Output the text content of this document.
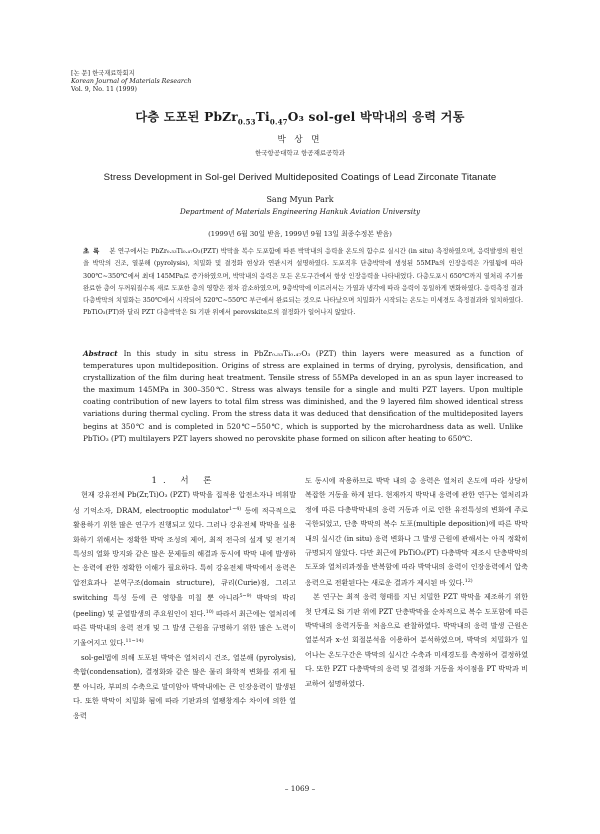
[논 문] 한국재료학회지
Korean Journal of Materials Research
Vol. 9, No. 11 (1999)
다층 도포된 $PbZr_{0.53}Ti_{0.47}O_3$ sol-gel 박막내의 응력 거동
박 상 면
한국항공대학교 항공재료공학과
Stress Development in Sol-gel Derived Multideposited Coatings of Lead Zirconate Titanate
Sang Myun Park
Department of Materials Engineering Hankuk Aviation University
(1999년 6월 30일 받음, 1999년 9월 13일 최종수정본 받음)

초록 본 연구에서는 PbZr₀.₅₃Ti₀.₄₇O₃(PZT) 박막을 복수 도포함에 따른 박막내의 응력을 온도의 함수로 실시간 (in situ) 측정하였으며, 응력발생의 원인을 박막의 건조, 열분해 (pyrolysis), 치밀화 및 결정화 현상과 연관시켜 설명하였다. 도포직후 단층박막에 생성된 55MPa의 인장응력은 가열됨에 따라 300℃~350℃에서 최대 145MPa로 증가하였으며, 박막내의 응력은 모든 온도구간에서 항상 인장응력을 나타내었다. 다층도포시 650℃까지 열처리 주기를 완료한 층이 두꺼워질수록 새로 도포한 층의 영향은 점차 감소하였으며, 9층박막에 이르러서는 가열과 냉각에 따라 응력이 동일하게 변화하였다. 응력측정 결과 다층박막의 치밀화는 350℃에서 시작되어 520℃~550℃ 부근에서 완료되는 것으로 나타났으며 치밀화가 시작되는 온도는 미세경도 측정결과와 일치하였다. PbTiO₃(PT)와 달리 PZT 다층박막은 Si 기판 위에서 perovskite로의 결정화가 일어나지 않았다.

Abstract In this study in situ stress in PbZr₀.₅₃Ti₀.₄₇O₃ (PZT) thin layers were measured as a function of temperatures upon multideposition. Origins of stress are explained in terms of drying, pyrolysis, densification, and crystallization of the film during heat treatment. Tensile stress of 55MPa developed in an as spun layer increased to the maximum 145MPa in 300–350℃. Stress was always tensile for a single and multi PZT layers. Upon multiple coating contribution of new layers to total film stress was diminished, and the 9 layered film showed identical stress variations during thermal cycling. From the stress data it was deduced that densification of the multideposited layers begins at 350℃ and is completed in 520℃~550℃, which is supported by the microhardness data as well. Unlike PbTiO₃ (PT) multilayers PZT layers showed no perovskite phase formed on silicon after heating to 650℃.

1. 서 론

현재 강유전체 Pb(Zr,Ti)O₃ (PZT) 박막을 집적용 압전소자나 비휘발성 기억소자, DRAM, electrooptic modulator$^{1\sim 4)}$ 등에 적극적으로 활용하기 위한 많은 연구가 진행되고 있다. 그러나 강유전체 박막을 실용화하기 위해서는 정확한 박막 조성의 제어, 최적 전극의 설계 및 전기적 특성의 열화 방지와 같은 많은 문제들의 해결과 동시에 박막 내에 발생하는 응력에 관한 정확한 이해가 필요하다. 특히 강유전체 박막에서 응력은 압전효과나 분역구조(domain structure), 큐리(Curie)점, 그리고 switching 특성 등에 큰 영향을 미칠 뿐 아니라$^{5\sim 9)}$ 박막의 박리(peeling) 및 균열발생의 주요원인이 된다.$^{10)}$ 따라서 최근에는 열처리에 따른 박막내의 응력 전개 및 그 발생 근원을 규명하기 위한 많은 노력이 기울여지고 있다.$^{11\sim 14)}$

sol-gel법에 의해 도포된 박막은 열처리시 건조, 열분해 (pyrolysis), 축합(condensation), 결정화와 같은 많은 물리 화학적 변화를 겪게 될 뿐 아니라, 부피의 수축으로 말미암아 박막내에는 큰 인장응력이 발생된다. 또한 박막이 치밀화 됨에 따라 기판과의 열팽창계수 차이에 의한 열응력

도 동시에 작용하므로 박막 내의 총 응력은 열처리 온도에 따라 상당히 복잡한 거동을 하게 된다. 현재까지 박막내 응력에 관한 연구는 열처리과정에 따른 다층박막내의 응력 거동과 이로 인한 유전특성의 변화에 주로 국한되었고, 단층 박막의 복수 도포(multiple deposition)에 따른 박막내의 실시간 (in situ) 응력 변화나 그 발생 근원에 관해서는 아직 정확히 규명되지 않았다. 다만 최근에 PbTiO₃(PT) 다층박막 제조시 단층박막의 도포와 열처리과정을 반복함에 따라 박막내의 응력이 인장응력에서 압축응력으로 전환된다는 새로운 결과가 제시된 바 있다.$^{12)}$

본 연구는 최적 응력 형태를 지닌 치밀한 PZT 박막을 제조하기 위한 첫 단계로 Si 기판 위에 PZT 단층박막을 순차적으로 복수 도포함에 따른 박막내의 응력거동을 처음으로 관찰하였다. 박막내의 응력 발생 근원은 열분석과 x-선 회절분석을 이용하여 분석하였으며, 박막의 치밀화가 일어나는 온도구간은 박막의 실시간 수축과 미세경도를 측정하여 결정하였다. 또한 PZT 다층박막의 응력 및 결정화 거동을 차이점을 PT 박막과 비교하여 설명하였다.

– 1069 –
